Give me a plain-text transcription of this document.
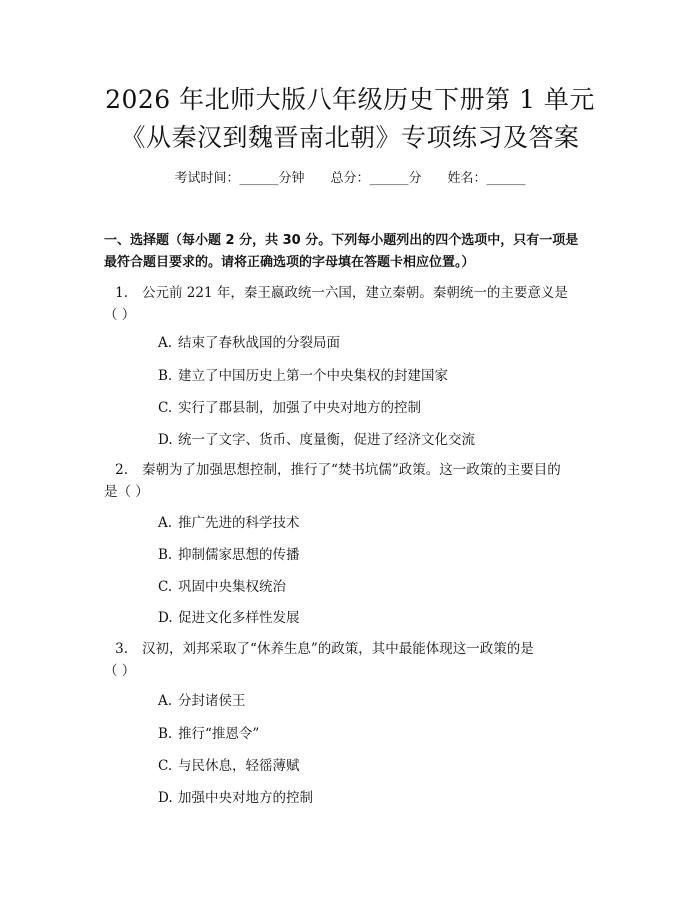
2026 年北师大版八年级历史下册第 1 单元
《从秦汉到魏晋南北朝》专项练习及答案
考试时间：______分钟 总分：______分 姓名：______
一、选择题（每小题 2 分，共 30 分。下列每小题列出的四个选项中，只有一项是
最符合题目要求的。请将正确选项的字母填在答题卡相应位置。）
1. 公元前 221 年，秦王嬴政统一六国，建立秦朝。秦朝统一的主要意义是
（ ）
A. 结束了春秋战国的分裂局面
B. 建立了中国历史上第一个中央集权的封建国家
C. 实行了郡县制，加强了中央对地方的控制
D. 统一了文字、货币、度量衡，促进了经济文化交流
2. 秦朝为了加强思想控制，推行了“焚书坑儒”政策。这一政策的主要目的
是（ ）
A. 推广先进的科学技术
B. 抑制儒家思想的传播
C. 巩固中央集权统治
D. 促进文化多样性发展
3. 汉初，刘邦采取了“休养生息”的政策，其中最能体现这一政策的是
（ ）
A. 分封诸侯王
B. 推行“推恩令”
C. 与民休息，轻徭薄赋
D. 加强中央对地方的控制
